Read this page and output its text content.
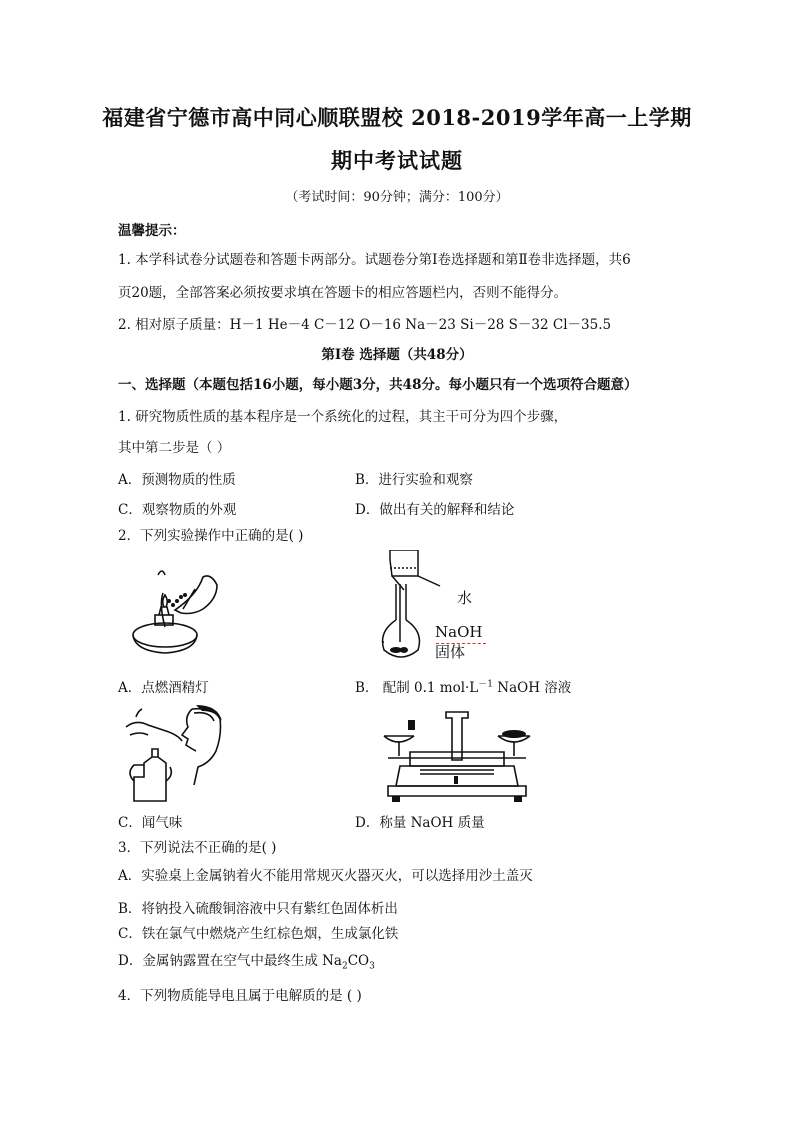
福建省宁德市高中同心顺联盟校 2018-2019学年高一上学期
期中考试试题
（考试时间：90分钟；满分：100分）
温馨提示：
1. 本学科试卷分试题卷和答题卡两部分。试题卷分第Ⅰ卷选择题和第Ⅱ卷非选择题，共6
页20题，全部答案必须按要求填在答题卡的相应答题栏内，否则不能得分。
2. 相对原子质量：H－1 He－4 C－12 O－16 Na－23 Si－28 S－32 Cl－35.5
第Ⅰ卷 选择题（共48分）
一、选择题（本题包括16小题，每小题3分，共48分。每小题只有一个选项符合题意）
1. 研究物质性质的基本程序是一个系统化的过程，其主干可分为四个步骤，
其中第二步是（ ）
A．预测物质的性质	B．进行实验和观察
C．观察物质的外观	D．做出有关的解释和结论
2．下列实验操作中正确的是( )
A．点燃酒精灯
水
NaOH
固体
B． 配制 0.1 $mol\cdot L^{-1}$ NaOH 溶液
C．闻气味	D．称量 NaOH 质量
3．下列说法不正确的是( )
A．实验桌上金属钠着火不能用常规灭火器灭火，可以选择用沙土盖灭
B．将钠投入硫酸铜溶液中只有紫红色固体析出
C．铁在氯气中燃烧产生红棕色烟，生成氯化铁
D．金属钠露置在空气中最终生成 $Na_2CO_3$
4．下列物质能导电且属于电解质的是 ( )
